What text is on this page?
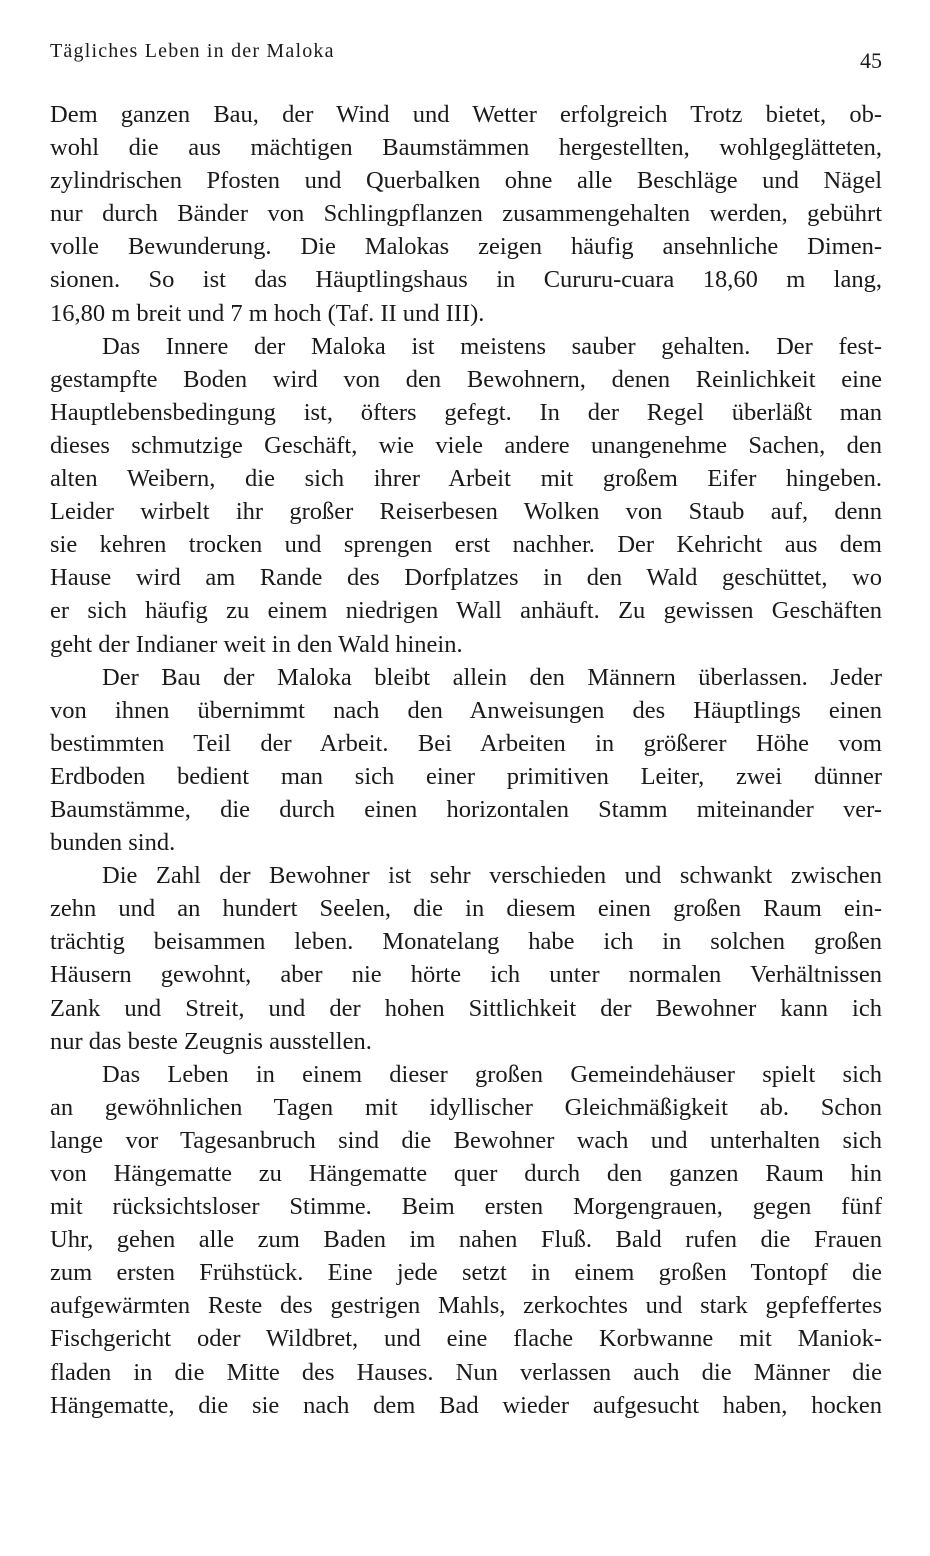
Tägliches Leben in der Maloka	45
Dem ganzen Bau, der Wind und Wetter erfolgreich Trotz bietet, ob-
wohl die aus mächtigen Baumstämmen hergestellten, wohlgeglätteten,
zylindrischen Pfosten und Querbalken ohne alle Beschläge und Nägel
nur durch Bänder von Schlingpflanzen zusammengehalten werden, gebührt
volle Bewunderung. Die Malokas zeigen häufig ansehnliche Dimen-
sionen. So ist das Häuptlingshaus in Cururu-cuara 18,60 m lang,
16,80 m breit und 7 m hoch (Taf. II und III).
Das Innere der Maloka ist meistens sauber gehalten. Der fest-
gestampfte Boden wird von den Bewohnern, denen Reinlichkeit eine
Hauptlebensbedingung ist, öfters gefegt. In der Regel überläßt man
dieses schmutzige Geschäft, wie viele andere unangenehme Sachen, den
alten Weibern, die sich ihrer Arbeit mit großem Eifer hingeben.
Leider wirbelt ihr großer Reiserbesen Wolken von Staub auf, denn
sie kehren trocken und sprengen erst nachher. Der Kehricht aus dem
Hause wird am Rande des Dorfplatzes in den Wald geschüttet, wo
er sich häufig zu einem niedrigen Wall anhäuft. Zu gewissen Geschäften
geht der Indianer weit in den Wald hinein.
Der Bau der Maloka bleibt allein den Männern überlassen. Jeder
von ihnen übernimmt nach den Anweisungen des Häuptlings einen
bestimmten Teil der Arbeit. Bei Arbeiten in größerer Höhe vom
Erdboden bedient man sich einer primitiven Leiter, zwei dünner
Baumstämme, die durch einen horizontalen Stamm miteinander ver-
bunden sind.
Die Zahl der Bewohner ist sehr verschieden und schwankt zwischen
zehn und an hundert Seelen, die in diesem einen großen Raum ein-
trächtig beisammen leben. Monatelang habe ich in solchen großen
Häusern gewohnt, aber nie hörte ich unter normalen Verhältnissen
Zank und Streit, und der hohen Sittlichkeit der Bewohner kann ich
nur das beste Zeugnis ausstellen.
Das Leben in einem dieser großen Gemeindehäuser spielt sich
an gewöhnlichen Tagen mit idyllischer Gleichmäßigkeit ab. Schon
lange vor Tagesanbruch sind die Bewohner wach und unterhalten sich
von Hängematte zu Hängematte quer durch den ganzen Raum hin
mit rücksichtsloser Stimme. Beim ersten Morgengrauen, gegen fünf
Uhr, gehen alle zum Baden im nahen Fluß. Bald rufen die Frauen
zum ersten Frühstück. Eine jede setzt in einem großen Tontopf die
aufgewärmten Reste des gestrigen Mahls, zerkochtes und stark gepfeffertes
Fischgericht oder Wildbret, und eine flache Korbwanne mit Maniok-
fladen in die Mitte des Hauses. Nun verlassen auch die Männer die
Hängematte, die sie nach dem Bad wieder aufgesucht haben, hocken
